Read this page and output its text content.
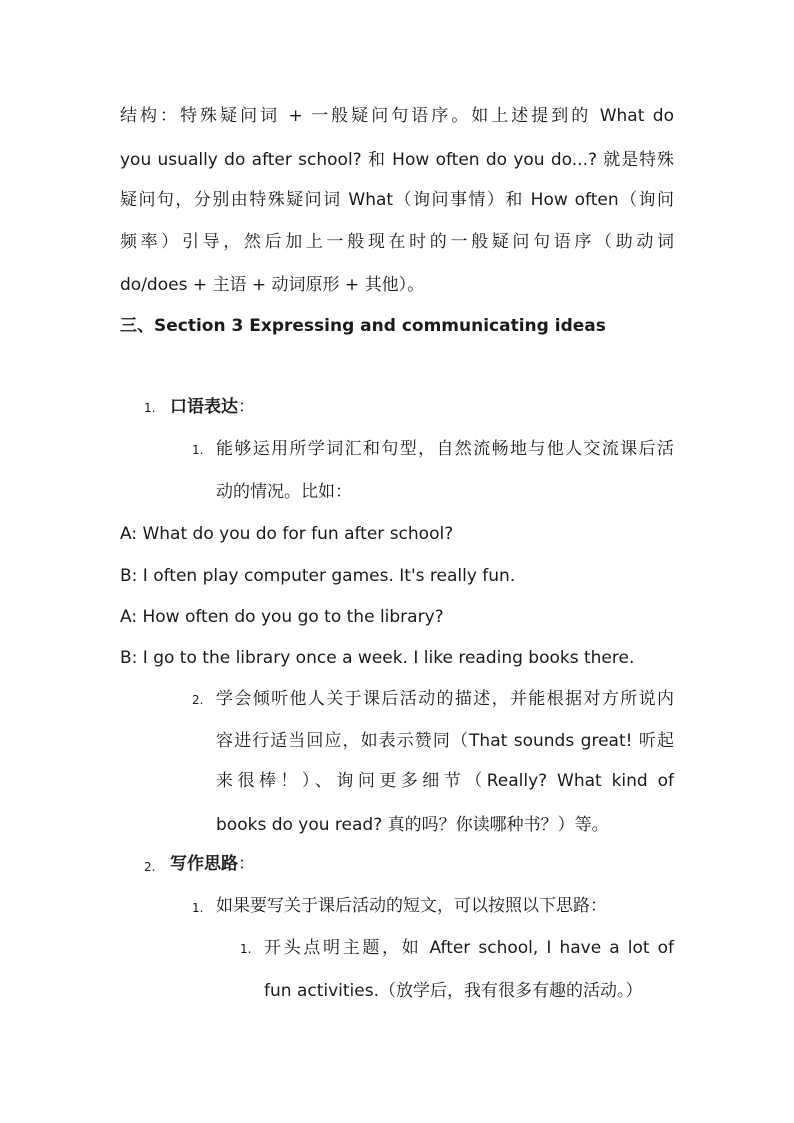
结构：特殊疑问词 + 一般疑问句语序。如上述提到的 What do

you usually do after school? 和 How often do you do...? 就是特殊

疑问句，分别由特殊疑问词 What（询问事情）和 How often（询问

频率）引导，然后加上一般现在时的一般疑问句语序（助动词

do/does + 主语 + 动词原形 + 其他）。

三、Section 3 Expressing and communicating ideas

1. 口语表达：

1. 能够运用所学词汇和句型，自然流畅地与他人交流课后活

动的情况。比如：

A: What do you do for fun after school?

B: I often play computer games. It's really fun.

A: How often do you go to the library?

B: I go to the library once a week. I like reading books there.

2. 学会倾听他人关于课后活动的描述，并能根据对方所说内

容进行适当回应，如表示赞同（That sounds great! 听起

来很棒！）、询问更多细节（Really? What kind of

books do you read? 真的吗？你读哪种书？）等。

2. 写作思路：

1. 如果要写关于课后活动的短文，可以按照以下思路：

1. 开头点明主题，如 After school, I have a lot of

fun activities.（放学后，我有很多有趣的活动。）
